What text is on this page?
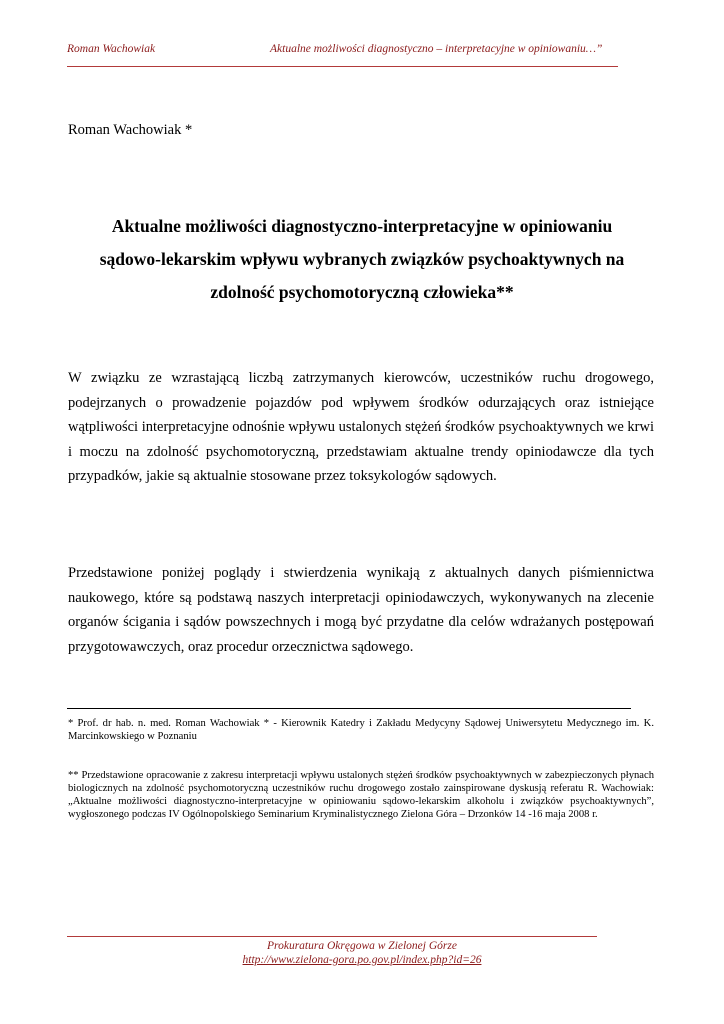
Roman Wachowiak	Aktualne możliwości diagnostyczno – interpretacyjne w opiniowaniu…”
Roman Wachowiak *
Aktualne możliwości diagnostyczno-interpretacyjne w opiniowaniu
sądowo-lekarskim wpływu wybranych związków psychoaktywnych na
zdolność psychomotoryczną człowieka**

W związku ze wzrastającą liczbą zatrzymanych kierowców, uczestników ruchu drogowego, podejrzanych o prowadzenie pojazdów pod wpływem środków odurzających oraz istniejące wątpliwości interpretacyjne odnośnie wpływu ustalonych stężeń środków psychoaktywnych we krwi i moczu na zdolność psychomotoryczną, przedstawiam aktualne trendy opiniodawcze dla tych przypadków, jakie są aktualnie stosowane przez toksykologów sądowych.

Przedstawione poniżej poglądy i stwierdzenia wynikają z aktualnych danych piśmiennictwa naukowego, które są podstawą naszych interpretacji opiniodawczych, wykonywanych na zlecenie organów ścigania i sądów powszechnych i mogą być przydatne dla celów wdrażanych postępowań przygotowawczych, oraz procedur orzecznictwa sądowego.

* Prof. dr hab. n. med. Roman Wachowiak * - Kierownik Katedry i Zakładu Medycyny Sądowej Uniwersytetu Medycznego im. K. Marcinkowskiego w Poznaniu

** Przedstawione opracowanie z zakresu interpretacji wpływu ustalonych stężeń środków psychoaktywnych w zabezpieczonych płynach biologicznych na zdolność psychomotoryczną uczestników ruchu drogowego zostało zainspirowane dyskusją referatu R. Wachowiak: „Aktualne możliwości diagnostyczno-interpretacyjne w opiniowaniu sądowo-lekarskim alkoholu i związków psychoaktywnych”, wygłoszonego podczas IV Ogólnopolskiego Seminarium Kryminalistycznego Zielona Góra – Drzonków 14 -16 maja 2008 r.

Prokuratura Okręgowa w Zielonej Górze
http://www.zielona-gora.po.gov.pl/index.php?id=26
